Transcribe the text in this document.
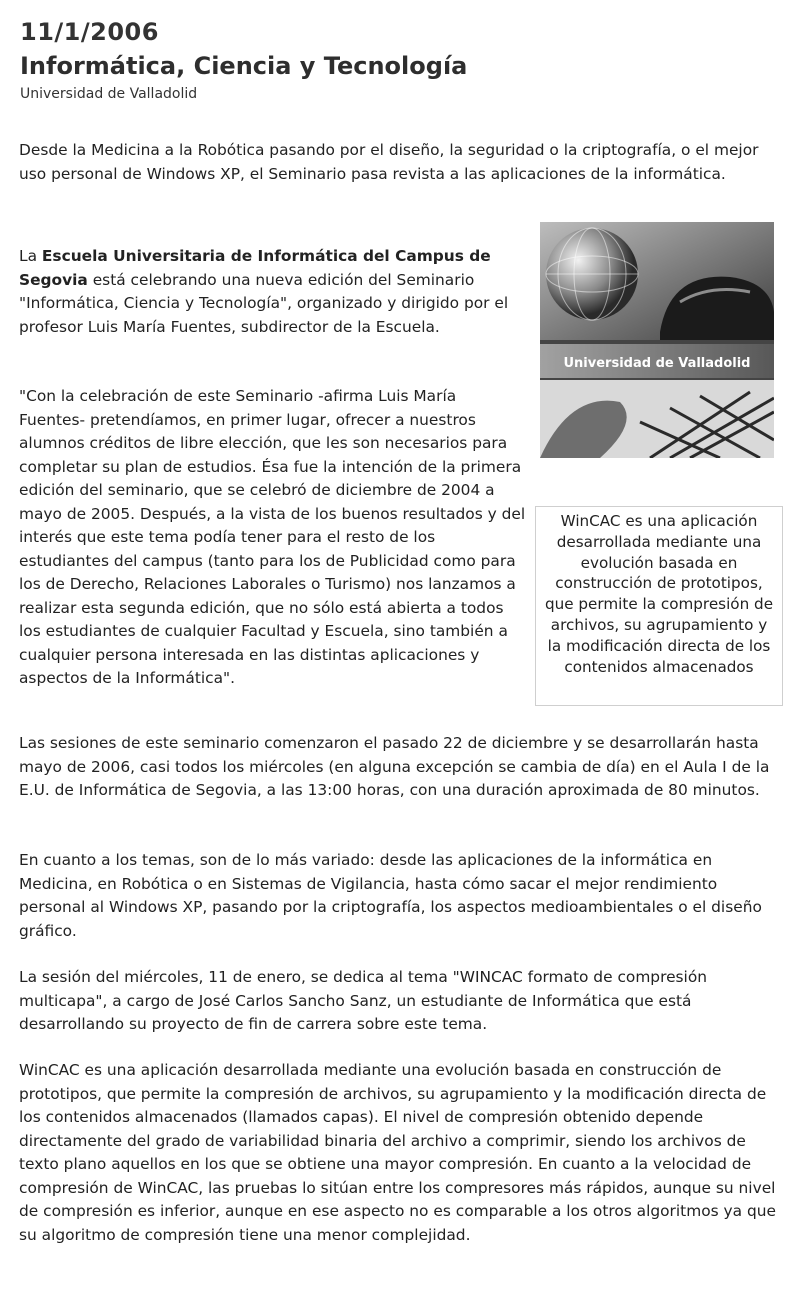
11/1/2006
Informática, Ciencia y Tecnología
Universidad de Valladolid

Desde la Medicina a la Robótica pasando por el diseño, la seguridad o la criptografía, o el mejor uso personal de Windows XP, el Seminario pasa revista a las aplicaciones de la informática.

La Escuela Universitaria de Informática del Campus de Segovia está celebrando una nueva edición del Seminario "Informática, Ciencia y Tecnología", organizado y dirigido por el profesor Luis María Fuentes, subdirector de la Escuela.

"Con la celebración de este Seminario -afirma Luis María Fuentes- pretendíamos, en primer lugar, ofrecer a nuestros alumnos créditos de libre elección, que les son necesarios para completar su plan de estudios. Ésa fue la intención de la primera edición del seminario, que se celebró de diciembre de 2004 a mayo de 2005. Después, a la vista de los buenos resultados y del interés que este tema podía tener para el resto de los estudiantes del campus (tanto para los de Publicidad como para los de Derecho, Relaciones Laborales o Turismo) nos lanzamos a realizar esta segunda edición, que no sólo está abierta a todos los estudiantes de cualquier Facultad y Escuela, sino también a cualquier persona interesada en las distintas aplicaciones y aspectos de la Informática".

Las sesiones de este seminario comenzaron el pasado 22 de diciembre y se desarrollarán hasta mayo de 2006, casi todos los miércoles (en alguna excepción se cambia de día) en el Aula I de la E.U. de Informática de Segovia, a las 13:00 horas, con una duración aproximada de 80 minutos.

En cuanto a los temas, son de lo más variado: desde las aplicaciones de la informática en Medicina, en Robótica o en Sistemas de Vigilancia, hasta cómo sacar el mejor rendimiento personal al Windows XP, pasando por la criptografía, los aspectos medioambientales o el diseño gráfico.

La sesión del miércoles, 11 de enero, se dedica al tema "WINCAC formato de compresión multicapa", a cargo de José Carlos Sancho Sanz, un estudiante de Informática que está desarrollando su proyecto de fin de carrera sobre este tema.

WinCAC es una aplicación desarrollada mediante una evolución basada en construcción de prototipos, que permite la compresión de archivos, su agrupamiento y la modificación directa de los contenidos almacenados (llamados capas). El nivel de compresión obtenido depende directamente del grado de variabilidad binaria del archivo a comprimir, siendo los archivos de texto plano aquellos en los que se obtiene una mayor compresión. En cuanto a la velocidad de compresión de WinCAC, las pruebas lo sitúan entre los compresores más rápidos, aunque su nivel de compresión es inferior, aunque en ese aspecto no es comparable a los otros algoritmos ya que su algoritmo de compresión tiene una menor complejidad.

Universidad de Valladolid

WinCAC es una aplicación desarrollada mediante una evolución basada en construcción de prototipos, que permite la compresión de archivos, su agrupamiento y la modificación directa de los contenidos almacenados
